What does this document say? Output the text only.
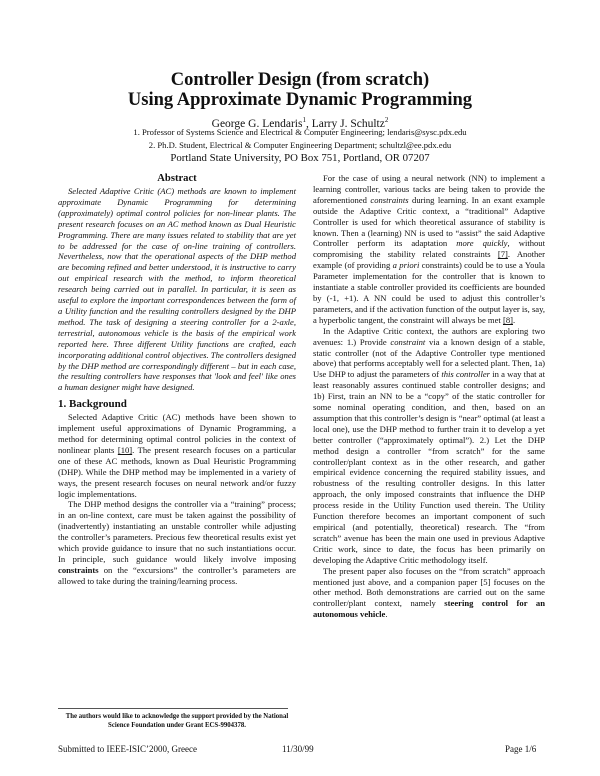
Controller Design (from scratch)
Using Approximate Dynamic Programming
George G. Lendaris$^1$, Larry J. Schultz$^2$
1. Professor of Systems Science and Electrical & Computer Engineering; lendaris@sysc.pdx.edu
2. Ph.D. Student, Electrical & Computer Engineering Department; schultzl@ee.pdx.edu
Portland State University, PO Box 751, Portland, OR 07207
Abstract

Selected Adaptive Critic (AC) methods are known to implement approximate Dynamic Programming for determining (approximately) optimal control policies for non-linear plants. The present research focuses on an AC method known as Dual Heuristic Programming. There are many issues related to stability that are yet to be addressed for the case of on-line training of controllers. Nevertheless, now that the operational aspects of the DHP method are becoming refined and better understood, it is instructive to carry out empirical research with the method, to inform theoretical research being carried out in parallel. In particular, it is seen as useful to explore the important correspondences between the form of a Utility function and the resulting controllers designed by the DHP method. The task of designing a steering controller for a 2-axle, terrestrial, autonomous vehicle is the basis of the empirical work reported here. Three different Utility functions are crafted, each incorporating additional control objectives. The controllers designed by the DHP method are correspondingly different – but in each case, the resulting controllers have responses that 'look and feel' like ones a human designer might have designed.

1. Background

Selected Adaptive Critic (AC) methods have been shown to implement useful approximations of Dynamic Programming, a method for determining optimal control policies in the context of nonlinear plants [10]. The present research focuses on a particular one of these AC methods, known as Dual Heuristic Programming (DHP). While the DHP method may be implemented in a variety of ways, the present research focuses on neural network and/or fuzzy logic implementations.

The DHP method designs the controller via a “training” process; in an on-line context, care must be taken against the possibility of (inadvertently) instantiating an unstable controller while adjusting the controller’s parameters. Precious few theoretical results exist yet which provide guidance to insure that no such instantiations occur. In principle, such guidance would likely involve imposing constraints on the “excursions” the controller’s parameters are allowed to take during the training/learning process.

For the case of using a neural network (NN) to implement a learning controller, various tacks are being taken to provide the aforementioned constraints during learning. In an exant example outside the Adaptive Critic context, a “traditional” Adaptive Controller is used for which theoretical assurance of stability is known. Then a (learning) NN is used to “assist” the said Adaptive Controller perform its adaptation more quickly, without compromising the stability related constraints [7]. Another example (of providing a priori constraints) could be to use a Youla Parameter implementation for the controller that is known to instantiate a stable controller provided its coefficients are bounded by (-1, +1). A NN could be used to adjust this controller’s parameters, and if the activation function of the output layer is, say, a hyperbolic tangent, the constraint will always be met [8].

In the Adaptive Critic context, the authors are exploring two avenues: 1.) Provide constraint via a known design of a stable, static controller (not of the Adaptive Controller type mentioned above) that performs acceptably well for a selected plant. Then, 1a) Use DHP to adjust the parameters of this controller in a way that at least reasonably assures continued stable controller designs; and 1b) First, train an NN to be a “copy” of the static controller for some nominal operating condition, and then, based on an assumption that this controller’s design is “near” optimal (at least a local one), use the DHP method to further train it to develop a yet better controller (“approximately optimal”). 2.) Let the DHP method design a controller “from scratch” for the same controller/plant context as in the other research, and gather empirical evidence concerning the required stability issues, and robustness of the resulting controller designs. In this latter approach, the only imposed constraints that influence the DHP process reside in the Utility Function used therein. The Utility Function therefore becomes an important component of such empirical (and potentially, theoretical) research. The “from scratch” avenue has been the main one used in previous Adaptive Critic work, since to date, the focus has been primarily on developing the Adaptive Critic methodology itself.

The present paper also focuses on the “from scratch” approach mentioned just above, and a companion paper [5] focuses on the other method. Both demonstrations are carried out on the same controller/plant context, namely steering control for an autonomous vehicle.

The authors would like to acknowledge the support provided by the National Science Foundation under Grant ECS-9904378.
Submitted to IEEE-ISIC’2000, Greece	11/30/99	Page 1/6
